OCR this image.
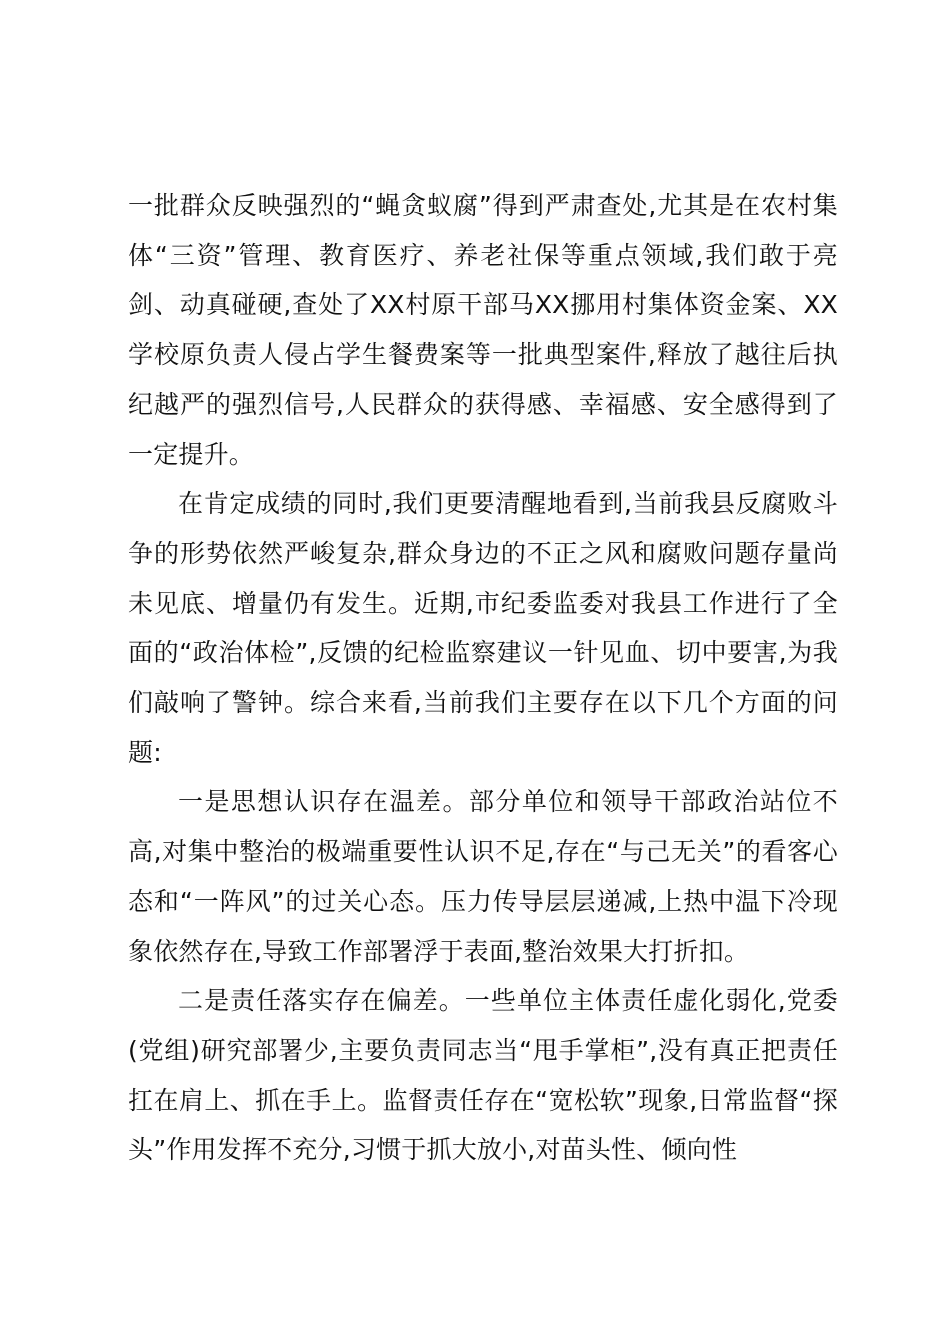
一批群众反映强烈的“蝇贪蚁腐”得到严肃查处,尤其是在农村集体“三资”管理、教育医疗、养老社保等重点领域,我们敢于亮剑、动真碰硬,查处了XX村原干部马XX挪用村集体资金案、XX学校原负责人侵占学生餐费案等一批典型案件,释放了越往后执纪越严的强烈信号,人民群众的获得感、幸福感、安全感得到了一定提升。

在肯定成绩的同时,我们更要清醒地看到,当前我县反腐败斗争的形势依然严峻复杂,群众身边的不正之风和腐败问题存量尚未见底、增量仍有发生。近期,市纪委监委对我县工作进行了全面的“政治体检”,反馈的纪检监察建议一针见血、切中要害,为我们敲响了警钟。综合来看,当前我们主要存在以下几个方面的问题:

一是思想认识存在温差。部分单位和领导干部政治站位不高,对集中整治的极端重要性认识不足,存在“与己无关”的看客心态和“一阵风”的过关心态。压力传导层层递减,上热中温下冷现象依然存在,导致工作部署浮于表面,整治效果大打折扣。

二是责任落实存在偏差。一些单位主体责任虚化弱化,党委(党组)研究部署少,主要负责同志当“甩手掌柜”,没有真正把责任扛在肩上、抓在手上。监督责任存在“宽松软”现象,日常监督“探头”作用发挥不充分,习惯于抓大放小,对苗头性、倾向性
